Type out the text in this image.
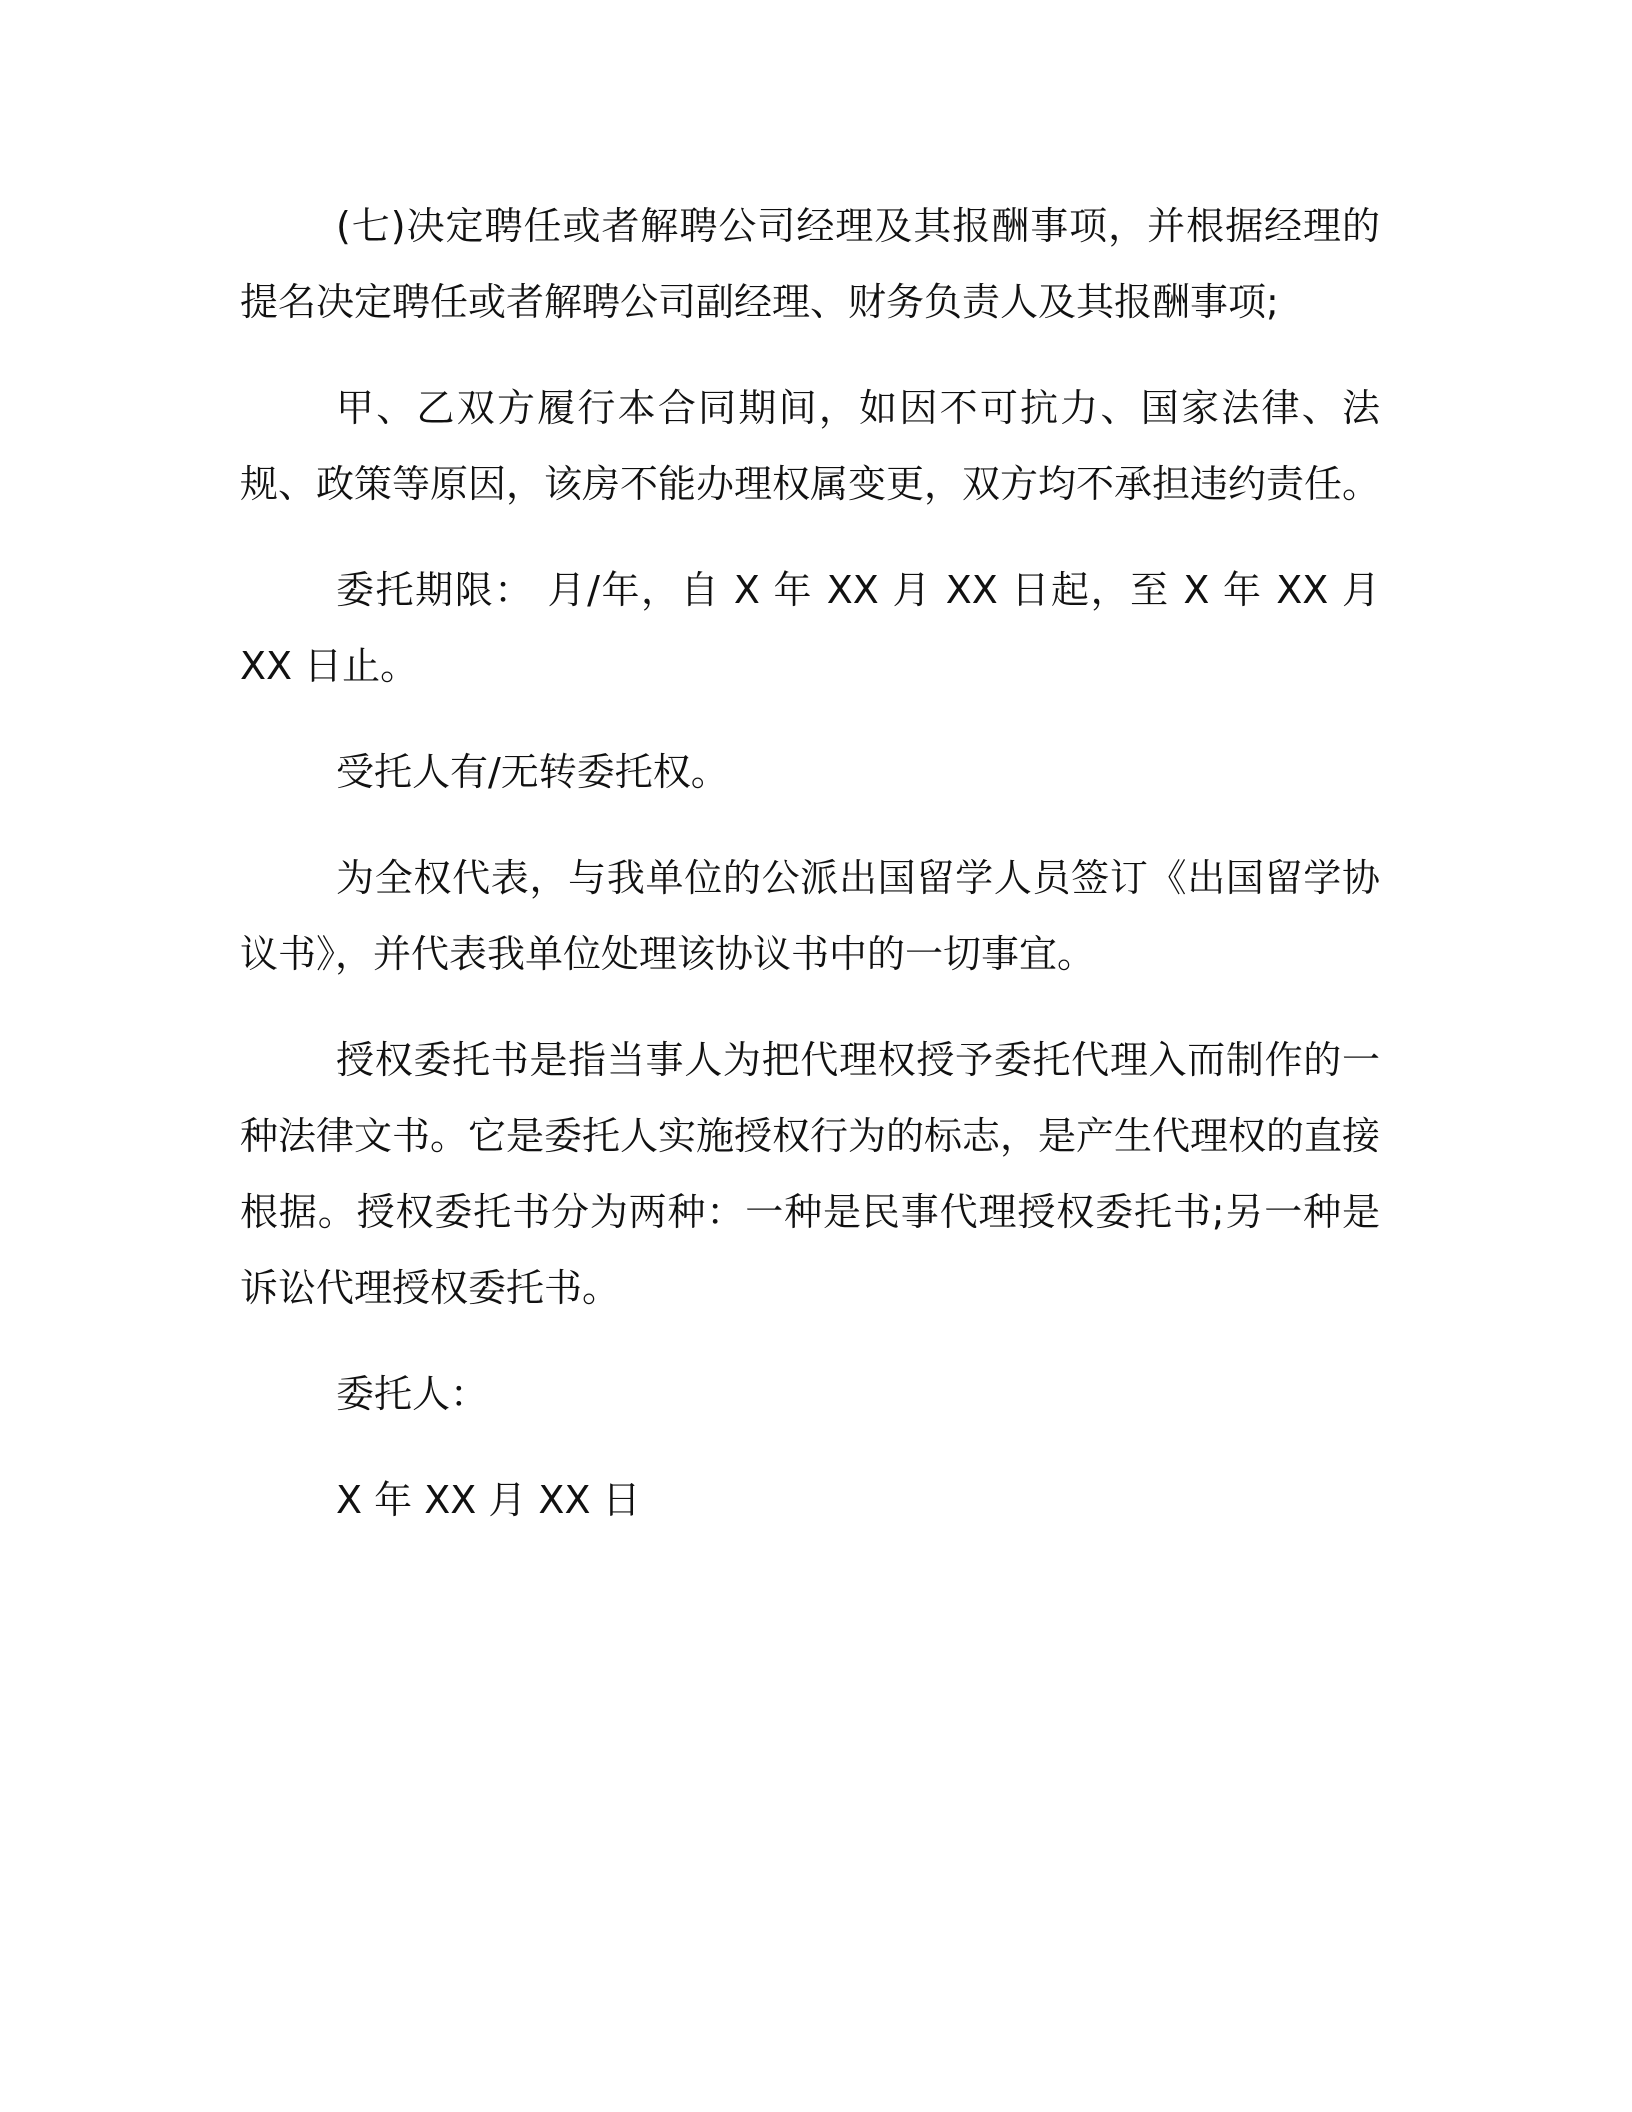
(七)决定聘任或者解聘公司经理及其报酬事项，并根据经理的提名决定聘任或者解聘公司副经理、财务负责人及其报酬事项;

甲、乙双方履行本合同期间，如因不可抗力、国家法律、法规、政策等原因，该房不能办理权属变更，双方均不承担违约责任。

委托期限： 月/年，自 X 年 XX 月 XX 日起，至 X 年 XX 月 XX 日止。

受托人有/无转委托权。

为全权代表，与我单位的公派出国留学人员签订《出国留学协议书》，并代表我单位处理该协议书中的一切事宜。

授权委托书是指当事人为把代理权授予委托代理入而制作的一种法律文书。它是委托人实施授权行为的标志，是产生代理权的直接根据。授权委托书分为两种：一种是民事代理授权委托书;另一种是诉讼代理授权委托书。

委托人：

X 年 XX 月 XX 日
